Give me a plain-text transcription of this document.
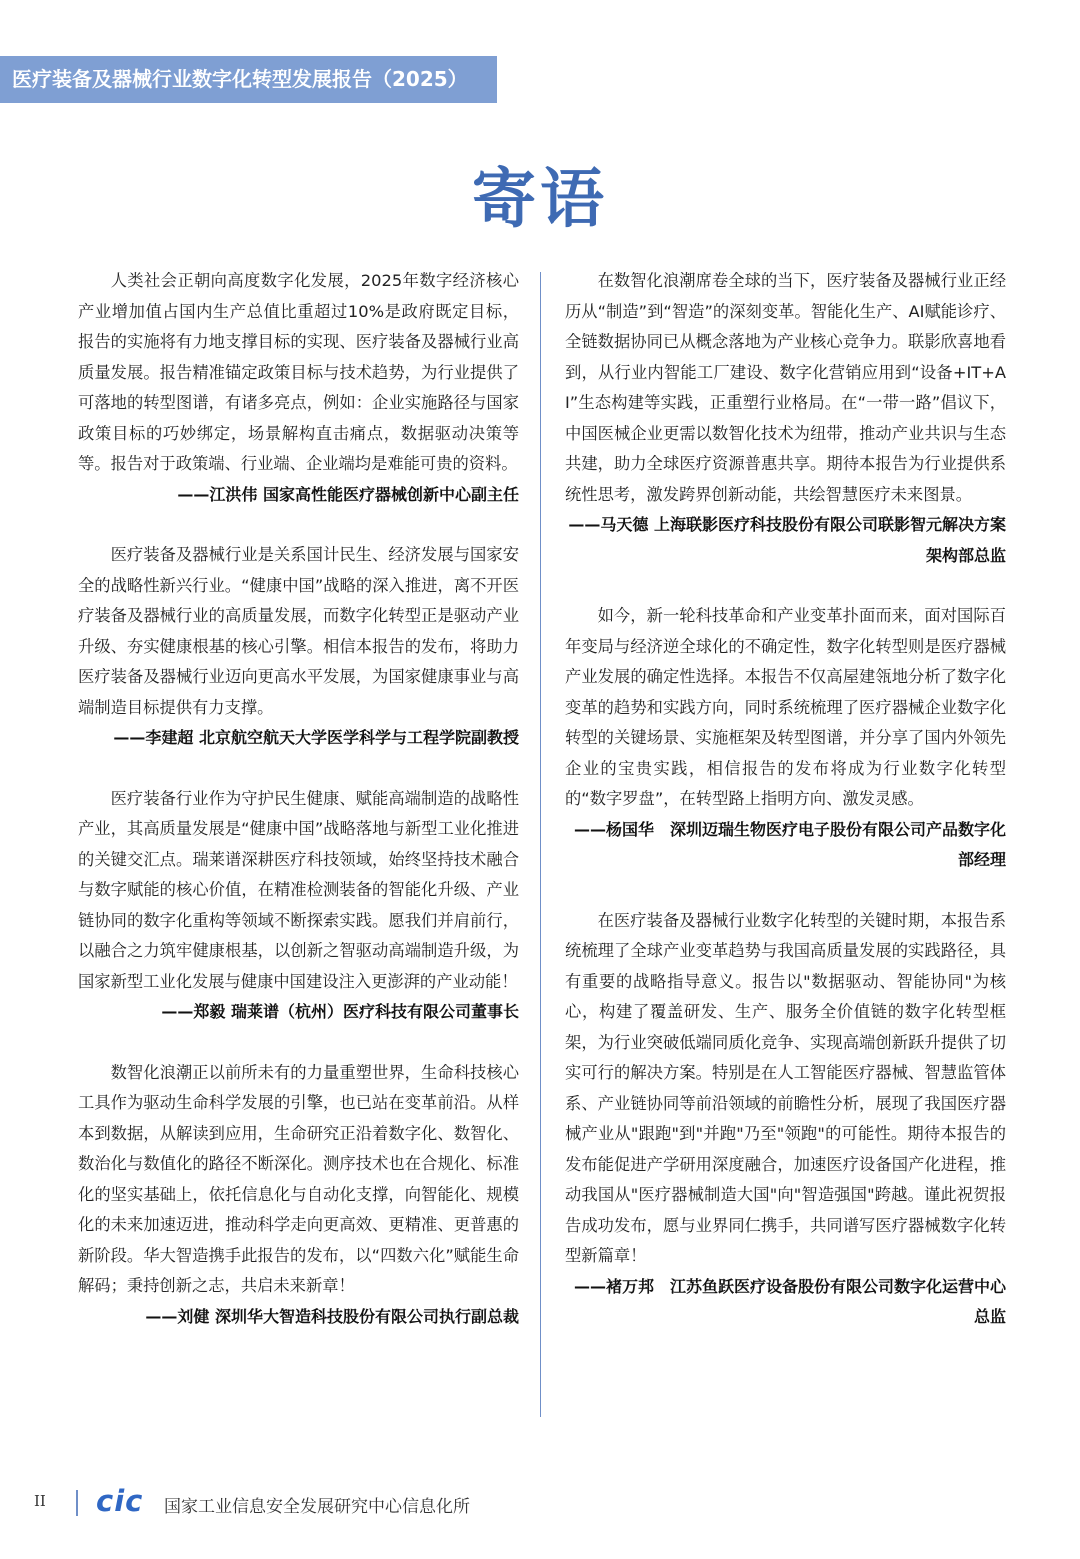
医疗装备及器械行业数字化转型发展报告（2025）
寄语

人类社会正朝向高度数字化发展，2025年数字经济核心产业增加值占国内生产总值比重超过10%是政府既定目标，报告的实施将有力地支撑目标的实现、医疗装备及器械行业高质量发展。报告精准锚定政策目标与技术趋势，为行业提供了可落地的转型图谱，有诸多亮点，例如：企业实施路径与国家政策目标的巧妙绑定，场景解构直击痛点，数据驱动决策等等。报告对于政策端、行业端、企业端均是难能可贵的资料。

——江洪伟 国家高性能医疗器械创新中心副主任

医疗装备及器械行业是关系国计民生、经济发展与国家安全的战略性新兴行业。“健康中国”战略的深入推进，离不开医疗装备及器械行业的高质量发展，而数字化转型正是驱动产业升级、夯实健康根基的核心引擎。相信本报告的发布，将助力医疗装备及器械行业迈向更高水平发展，为国家健康事业与高端制造目标提供有力支撑。

——李建超 北京航空航天大学医学科学与工程学院副教授

医疗装备行业作为守护民生健康、赋能高端制造的战略性产业，其高质量发展是“健康中国”战略落地与新型工业化推进的关键交汇点。瑞莱谱深耕医疗科技领域，始终坚持技术融合与数字赋能的核心价值，在精准检测装备的智能化升级、产业链协同的数字化重构等领域不断探索实践。愿我们并肩前行，以融合之力筑牢健康根基，以创新之智驱动高端制造升级，为国家新型工业化发展与健康中国建设注入更澎湃的产业动能！

——郑毅 瑞莱谱（杭州）医疗科技有限公司董事长

数智化浪潮正以前所未有的力量重塑世界，生命科技核心工具作为驱动生命科学发展的引擎，也已站在变革前沿。从样本到数据，从解读到应用，生命研究正沿着数字化、数智化、数治化与数值化的路径不断深化。测序技术也在合规化、标准化的坚实基础上，依托信息化与自动化支撑，向智能化、规模化的未来加速迈进，推动科学走向更高效、更精准、更普惠的新阶段。华大智造携手此报告的发布，以“四数六化”赋能生命解码；秉持创新之志，共启未来新章！

——刘健 深圳华大智造科技股份有限公司执行副总裁

在数智化浪潮席卷全球的当下，医疗装备及器械行业正经历从“制造”到“智造”的深刻变革。智能化生产、AI赋能诊疗、全链数据协同已从概念落地为产业核心竞争力。联影欣喜地看到，从行业内智能工厂建设、数字化营销应用到“设备+IT+AI”生态构建等实践，正重塑行业格局。在“一带一路”倡议下，中国医械企业更需以数智化技术为纽带，推动产业共识与生态共建，助力全球医疗资源普惠共享。期待本报告为行业提供系统性思考，激发跨界创新动能，共绘智慧医疗未来图景。

——马天德 上海联影医疗科技股份有限公司联影智元解决方案架构部总监

如今，新一轮科技革命和产业变革扑面而来，面对国际百年变局与经济逆全球化的不确定性，数字化转型则是医疗器械产业发展的确定性选择。本报告不仅高屋建瓴地分析了数字化变革的趋势和实践方向，同时系统梳理了医疗器械企业数字化转型的关键场景、实施框架及转型图谱，并分享了国内外领先企业的宝贵实践，相信报告的发布将成为行业数字化转型的“数字罗盘”，在转型路上指明方向、激发灵感。

——杨国华　深圳迈瑞生物医疗电子股份有限公司产品数字化部经理

在医疗装备及器械行业数字化转型的关键时期，本报告系统梳理了全球产业变革趋势与我国高质量发展的实践路径，具有重要的战略指导意义。报告以"数据驱动、智能协同"为核心，构建了覆盖研发、生产、服务全价值链的数字化转型框架，为行业突破低端同质化竞争、实现高端创新跃升提供了切实可行的解决方案。特别是在人工智能医疗器械、智慧监管体系、产业链协同等前沿领域的前瞻性分析，展现了我国医疗器械产业从"跟跑"到"并跑"乃至"领跑"的可能性。期待本报告的发布能促进产学研用深度融合，加速医疗设备国产化进程，推动我国从"医疗器械制造大国"向"智造强国"跨越。谨此祝贺报告成功发布，愿与业界同仁携手，共同谱写医疗器械数字化转型新篇章！

——褚万邦　江苏鱼跃医疗设备股份有限公司数字化运营中心总监

II cic 国家工业信息安全发展研究中心信息化所
